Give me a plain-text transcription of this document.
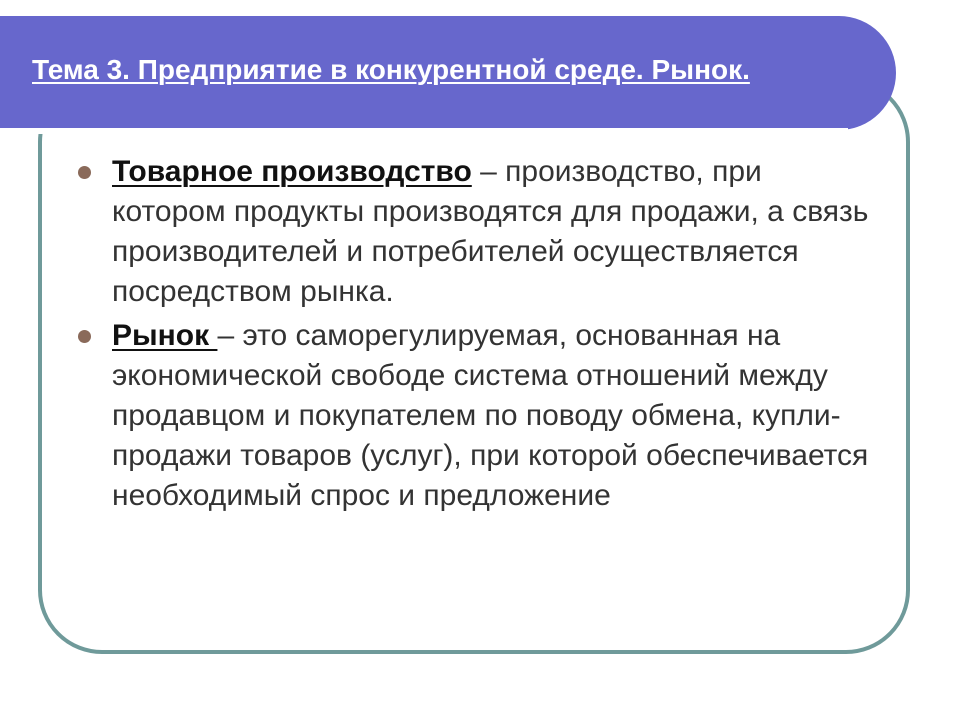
Тема 3. Предприятие в конкурентной среде. Рынок.
Товарное производство – производство, при котором продукты производятся для продажи, а связь производителей и потребителей осуществляется посредством рынка.
Рынок – это саморегулируемая, основанная на экономической свободе система отношений между продавцом и покупателем по поводу обмена, купли-продажи товаров (услуг), при которой обеспечивается необходимый спрос и предложение
